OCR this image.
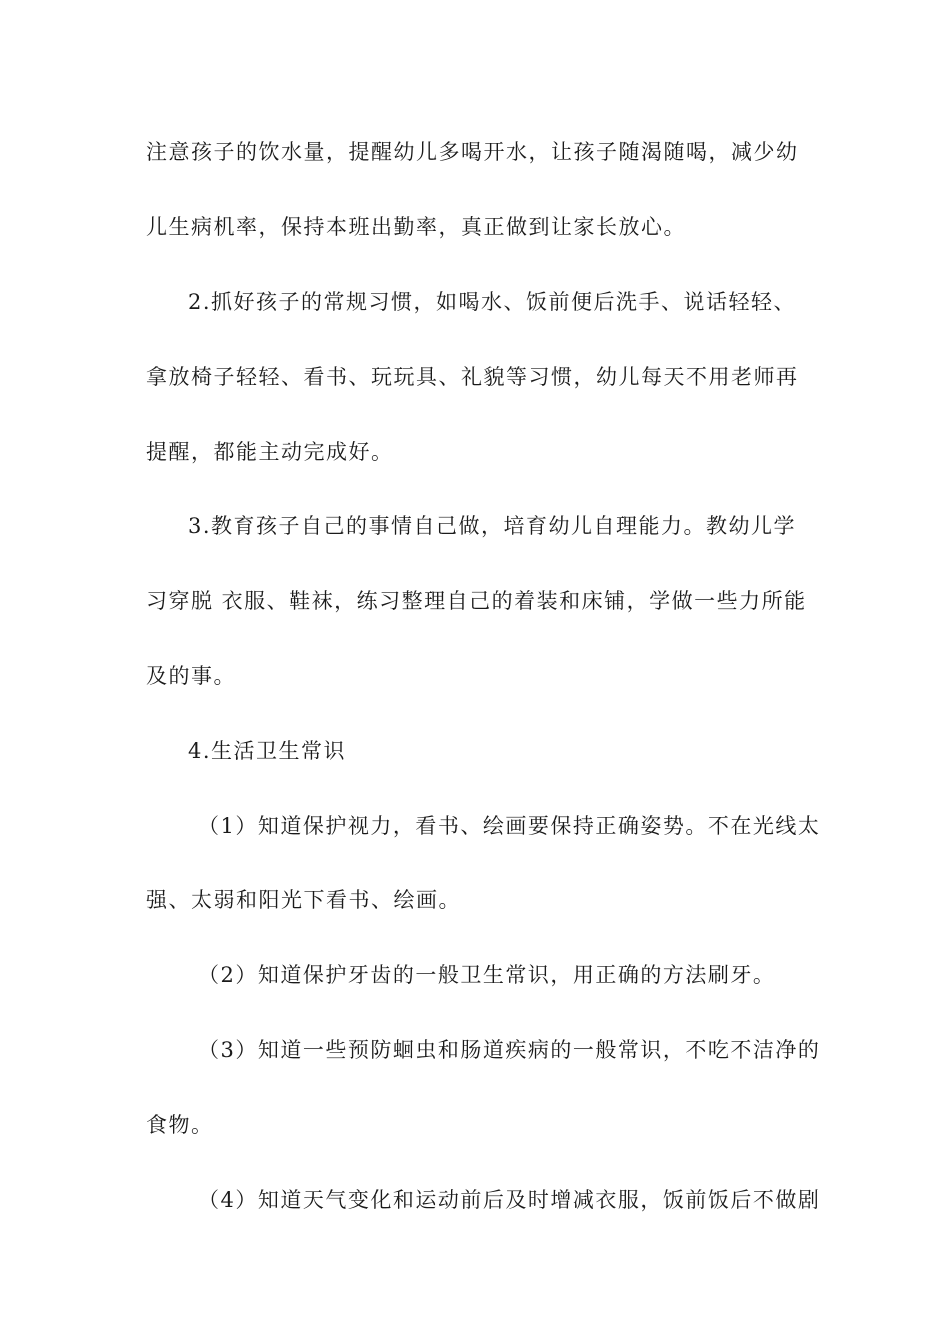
注意孩子的饮水量，提醒幼儿多喝开水，让孩子随渴随喝，减少幼
儿生病机率，保持本班出勤率，真正做到让家长放心。
2.抓好孩子的常规习惯，如喝水、饭前便后洗手、说话轻轻、
拿放椅子轻轻、看书、玩玩具、礼貌等习惯，幼儿每天不用老师再
提醒，都能主动完成好。
3.教育孩子自己的事情自己做，培育幼儿自理能力。教幼儿学
习穿脱 衣服、鞋袜，练习整理自己的着装和床铺，学做一些力所能
及的事。
4.生活卫生常识
（1）知道保护视力，看书、绘画要保持正确姿势。不在光线太
强、太弱和阳光下看书、绘画。
（2）知道保护牙齿的一般卫生常识，用正确的方法刷牙。
（3）知道一些预防蛔虫和肠道疾病的一般常识，不吃不洁净的
食物。
（4）知道天气变化和运动前后及时增减衣服，饭前饭后不做剧
